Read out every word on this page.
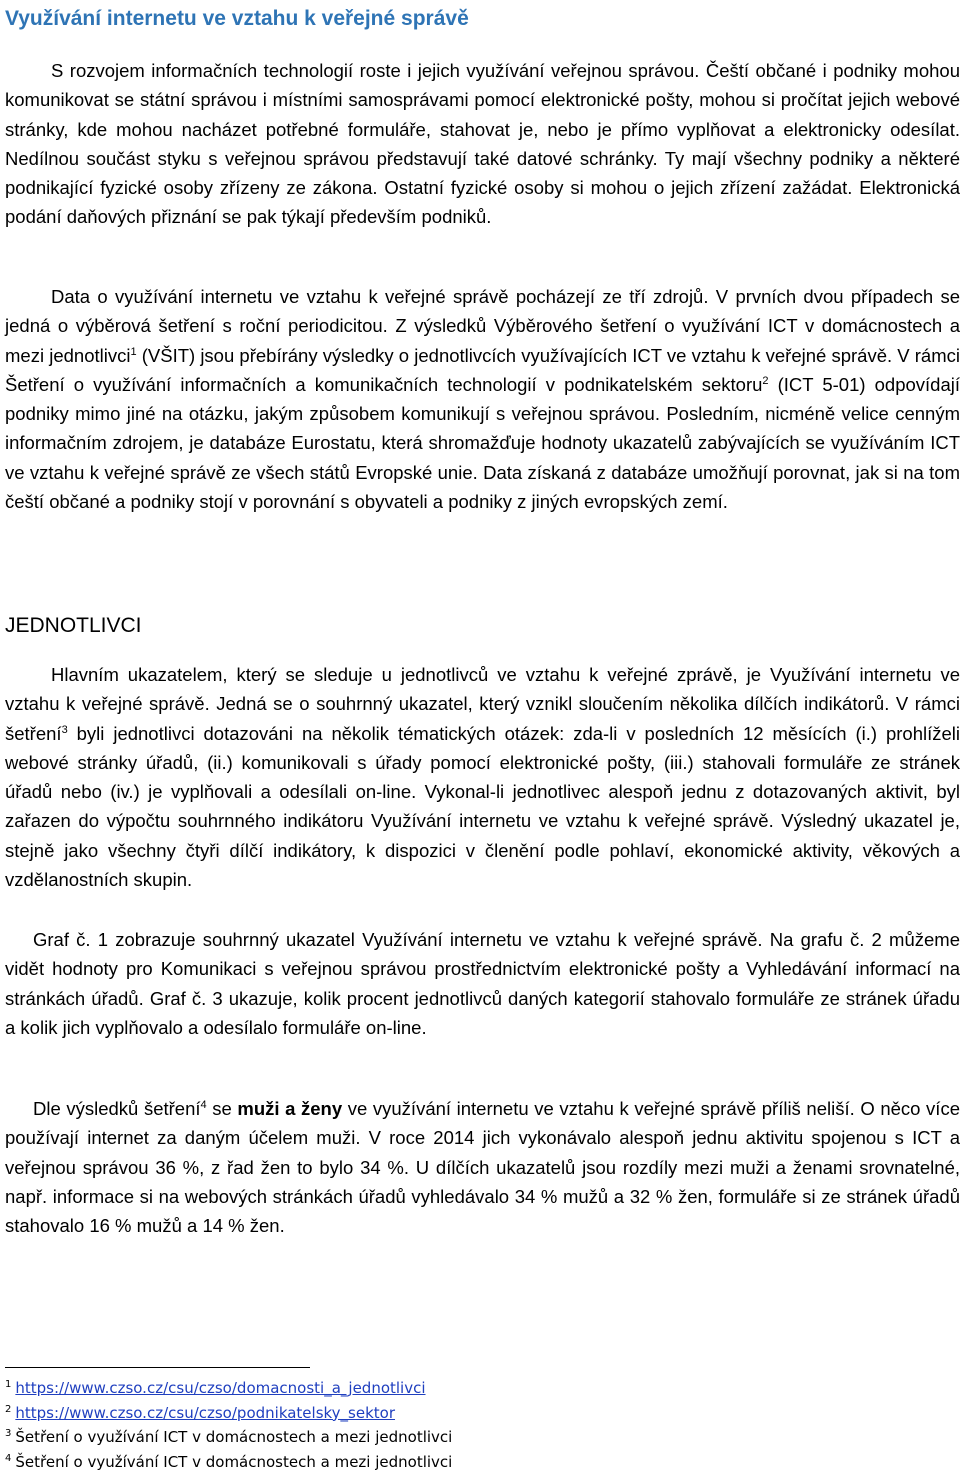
Využívání internetu ve vztahu k veřejné správě

S rozvojem informačních technologií roste i jejich využívání veřejnou správou. Čeští občané i podniky mohou komunikovat se státní správou i místními samosprávami pomocí elektronické pošty, mohou si pročítat jejich webové stránky, kde mohou nacházet potřebné formuláře, stahovat je, nebo je přímo vyplňovat a elektronicky odesílat. Nedílnou součást styku s veřejnou správou představují také datové schránky. Ty mají všechny podniky a některé podnikající fyzické osoby zřízeny ze zákona. Ostatní fyzické osoby si mohou o jejich zřízení zažádat. Elektronická podání daňových přiznání se pak týkají především podniků.

Data o využívání internetu ve vztahu k veřejné správě pocházejí ze tří zdrojů. V prvních dvou případech se jedná o výběrová šetření s roční periodicitou. Z výsledků Výběrového šetření o využívání ICT v domácnostech a mezi jednotlivci$^1$ (VŠIT) jsou přebírány výsledky o jednotlivcích využívajících ICT ve vztahu k veřejné správě. V rámci Šetření o využívání informačních a komunikačních technologií v podnikatelském sektoru$^2$ (ICT 5-01) odpovídají podniky mimo jiné na otázku, jakým způsobem komunikují s veřejnou správou. Posledním, nicméně velice cenným informačním zdrojem, je databáze Eurostatu, která shromažďuje hodnoty ukazatelů zabývajících se využíváním ICT ve vztahu k veřejné správě ze všech států Evropské unie. Data získaná z databáze umožňují porovnat, jak si na tom čeští občané a podniky stojí v porovnání s obyvateli a podniky z jiných evropských zemí.

JEDNOTLIVCI

Hlavním ukazatelem, který se sleduje u jednotlivců ve vztahu k veřejné zprávě, je Využívání internetu ve vztahu k veřejné správě. Jedná se o souhrnný ukazatel, který vznikl sloučením několika dílčích indikátorů. V rámci šetření$^3$ byli jednotlivci dotazováni na několik tématických otázek: zda-li v posledních 12 měsících (i.) prohlíželi webové stránky úřadů, (ii.) komunikovali s úřady pomocí elektronické pošty, (iii.) stahovali formuláře ze stránek úřadů nebo (iv.) je vyplňovali a odesílali on-line. Vykonal-li jednotlivec alespoň jednu z dotazovaných aktivit, byl zařazen do výpočtu souhrnného indikátoru Využívání internetu ve vztahu k veřejné správě. Výsledný ukazatel je, stejně jako všechny čtyři dílčí indikátory, k dispozici v členění podle pohlaví, ekonomické aktivity, věkových a vzdělanostních skupin.

Graf č. 1 zobrazuje souhrnný ukazatel Využívání internetu ve vztahu k veřejné správě. Na grafu č. 2 můžeme vidět hodnoty pro Komunikaci s veřejnou správou prostřednictvím elektronické pošty a Vyhledávání informací na stránkách úřadů. Graf č. 3 ukazuje, kolik procent jednotlivců daných kategorií stahovalo formuláře ze stránek úřadu a kolik jich vyplňovalo a odesílalo formuláře on-line.

Dle výsledků šetření$^4$ se muži a ženy ve využívání internetu ve vztahu k veřejné správě příliš neliší. O něco více používají internet za daným účelem muži. V roce 2014 jich vykonávalo alespoň jednu aktivitu spojenou s ICT a veřejnou správou 36 %, z řad žen to bylo 34 %. U dílčích ukazatelů jsou rozdíly mezi muži a ženami srovnatelné, např. informace si na webových stránkách úřadů vyhledávalo 34 % mužů a 32 % žen, formuláře si ze stránek úřadů stahovalo 16 % mužů a 14 % žen.

$^1$ https://www.czso.cz/csu/czso/domacnosti_a_jednotlivci
$^2$ https://www.czso.cz/csu/czso/podnikatelsky_sektor
$^3$ Šetření o využívání ICT v domácnostech a mezi jednotlivci
$^4$ Šetření o využívání ICT v domácnostech a mezi jednotlivci
